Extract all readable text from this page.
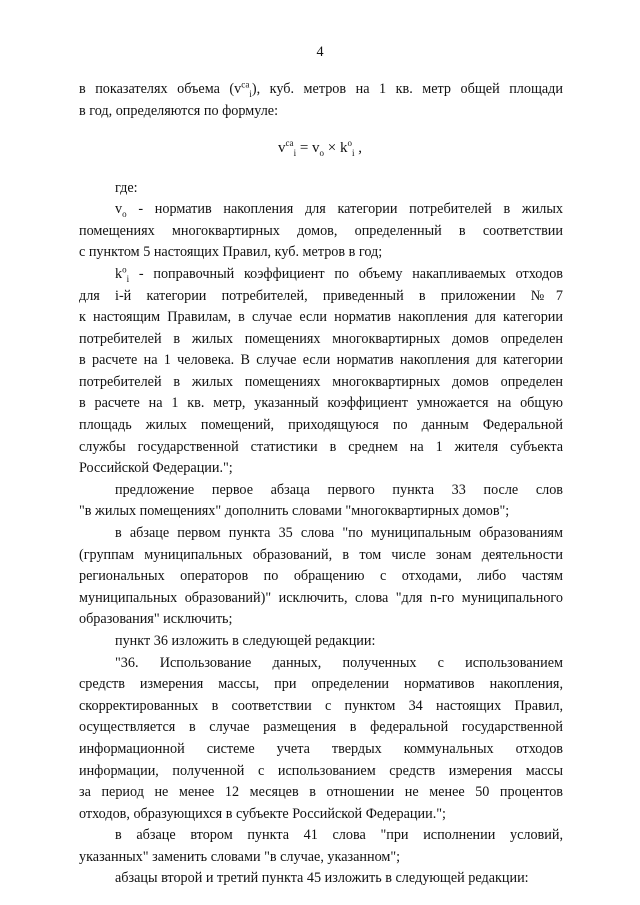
4
в показателях объема $(v^{са}_i)$, куб. метров на 1 кв. метр общей площади
в год, определяются по формуле:
$v^{са}_i = v_о \times k^о_i$ ,
где:
$v_о$ - норматив накопления для категории потребителей в жилых
помещениях многоквартирных домов, определенный в соответствии
с пунктом 5 настоящих Правил, куб. метров в год;
$k^о_i$ - поправочный коэффициент по объему накапливаемых отходов
для i-й категории потребителей, приведенный в приложении №7
к настоящим Правилам, в случае если норматив накопления для категории
потребителей в жилых помещениях многоквартирных домов определен
в расчете на 1 человека. В случае если норматив накопления для категории
потребителей в жилых помещениях многоквартирных домов определен
в расчете на 1 кв. метр, указанный коэффициент умножается на общую
площадь жилых помещений, приходящуюся по данным Федеральной
службы государственной статистики в среднем на 1 жителя субъекта
Российской Федерации.";
предложение первое абзаца первого пункта 33 после слов
"в жилых помещениях" дополнить словами "многоквартирных домов";
в абзаце первом пункта 35 слова "по муниципальным образованиям
(группам муниципальных образований, в том числе зонам деятельности
региональных операторов по обращению с отходами, либо частям
муниципальных образований)" исключить, слова "для n-го муниципального
образования" исключить;
пункт 36 изложить в следующей редакции:
"36. Использование данных, полученных с использованием
средств измерения массы, при определении нормативов накопления,
скорректированных в соответствии с пунктом 34 настоящих Правил,
осуществляется в случае размещения в федеральной государственной
информационной системе учета твердых коммунальных отходов
информации, полученной с использованием средств измерения массы
за период не менее 12 месяцев в отношении не менее 50 процентов
отходов, образующихся в субъекте Российской Федерации.";
в абзаце втором пункта 41 слова "при исполнении условий,
указанных" заменить словами "в случае, указанном";
абзацы второй и третий пункта 45 изложить в следующей редакции:
